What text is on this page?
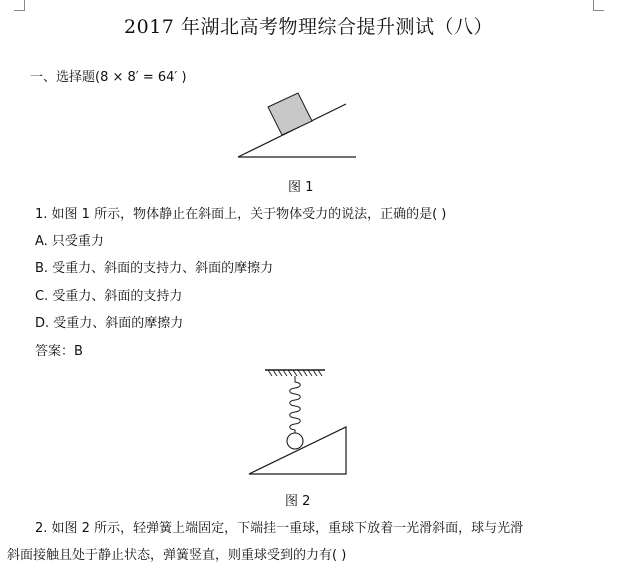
2017 年湖北高考物理综合提升测试（八）
一、选择题(8 × 8′ = 64′ )
图 1
1. 如图 1 所示，物体静止在斜面上，关于物体受力的说法，正确的是( )
A. 只受重力
B. 受重力、斜面的支持力、斜面的摩擦力
C. 受重力、斜面的支持力
D. 受重力、斜面的摩擦力
答案：B
图 2
2. 如图 2 所示，轻弹簧上端固定，下端挂一重球，重球下放着一光滑斜面，球与光滑
斜面接触且处于静止状态，弹簧竖直，则重球受到的力有( )
